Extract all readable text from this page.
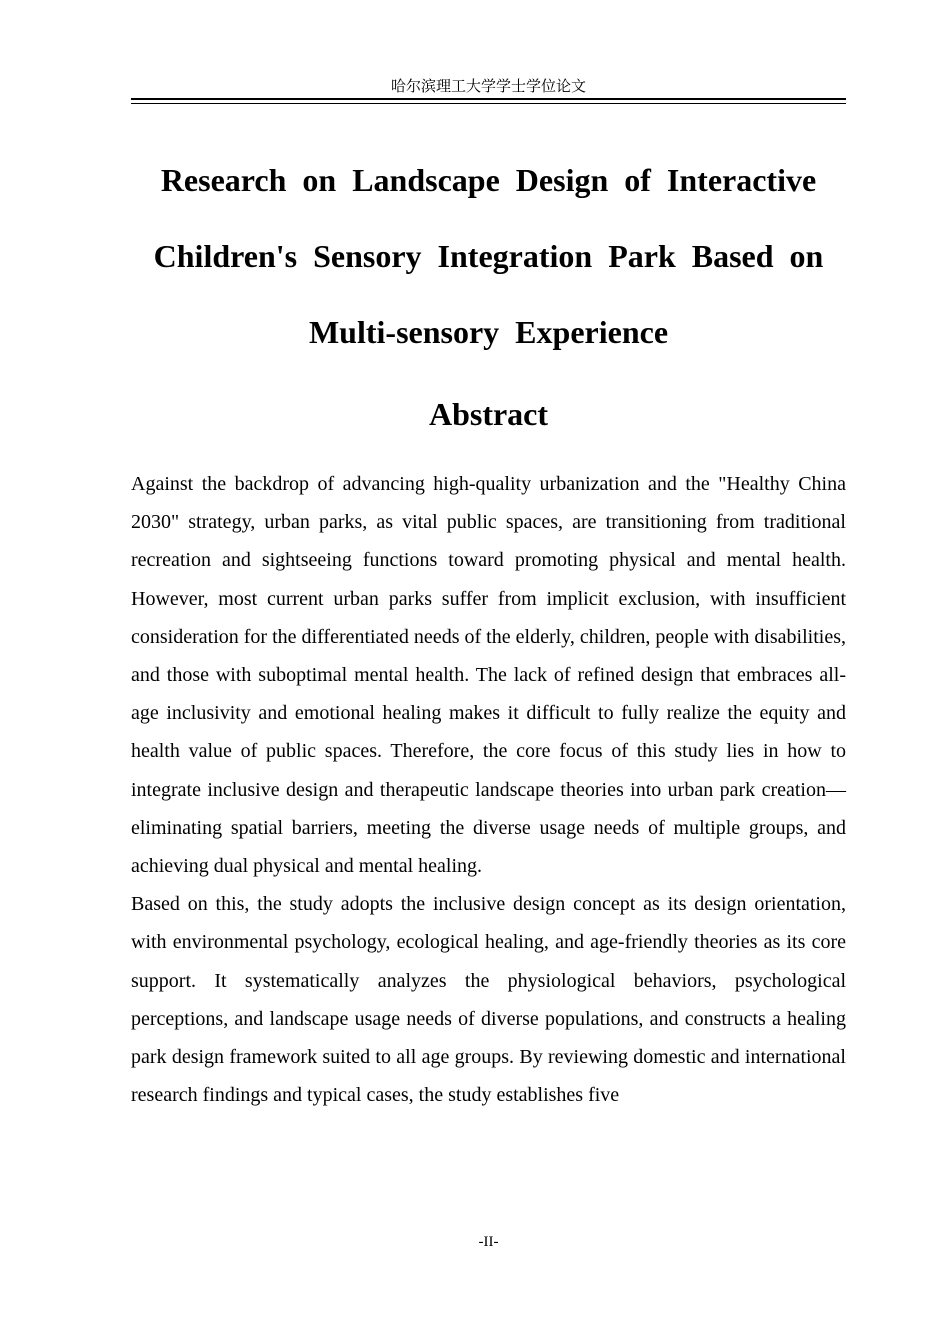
哈尔滨理工大学学士学位论文
Research on Landscape Design of Interactive
Children's Sensory Integration Park Based on
Multi-sensory Experience
Abstract

Against the backdrop of advancing high-quality urbanization and the "Healthy China 2030" strategy, urban parks, as vital public spaces, are transitioning from traditional recreation and sightseeing functions toward promoting physical and mental health. However, most current urban parks suffer from implicit exclusion, with insufficient consideration for the differentiated needs of the elderly, children, people with disabilities, and those with suboptimal mental health. The lack of refined design that embraces all-age inclusivity and emotional healing makes it difficult to fully realize the equity and health value of public spaces. Therefore, the core focus of this study lies in how to integrate inclusive design and therapeutic landscape theories into urban park creation—eliminating spatial barriers, meeting the diverse usage needs of multiple groups, and achieving dual physical and mental healing.

Based on this, the study adopts the inclusive design concept as its design orientation, with environmental psychology, ecological healing, and age-friendly theories as its core support. It systematically analyzes the physiological behaviors, psychological perceptions, and landscape usage needs of diverse populations, and constructs a healing park design framework suited to all age groups. By reviewing domestic and international research findings and typical cases, the study establishes five

-II-
